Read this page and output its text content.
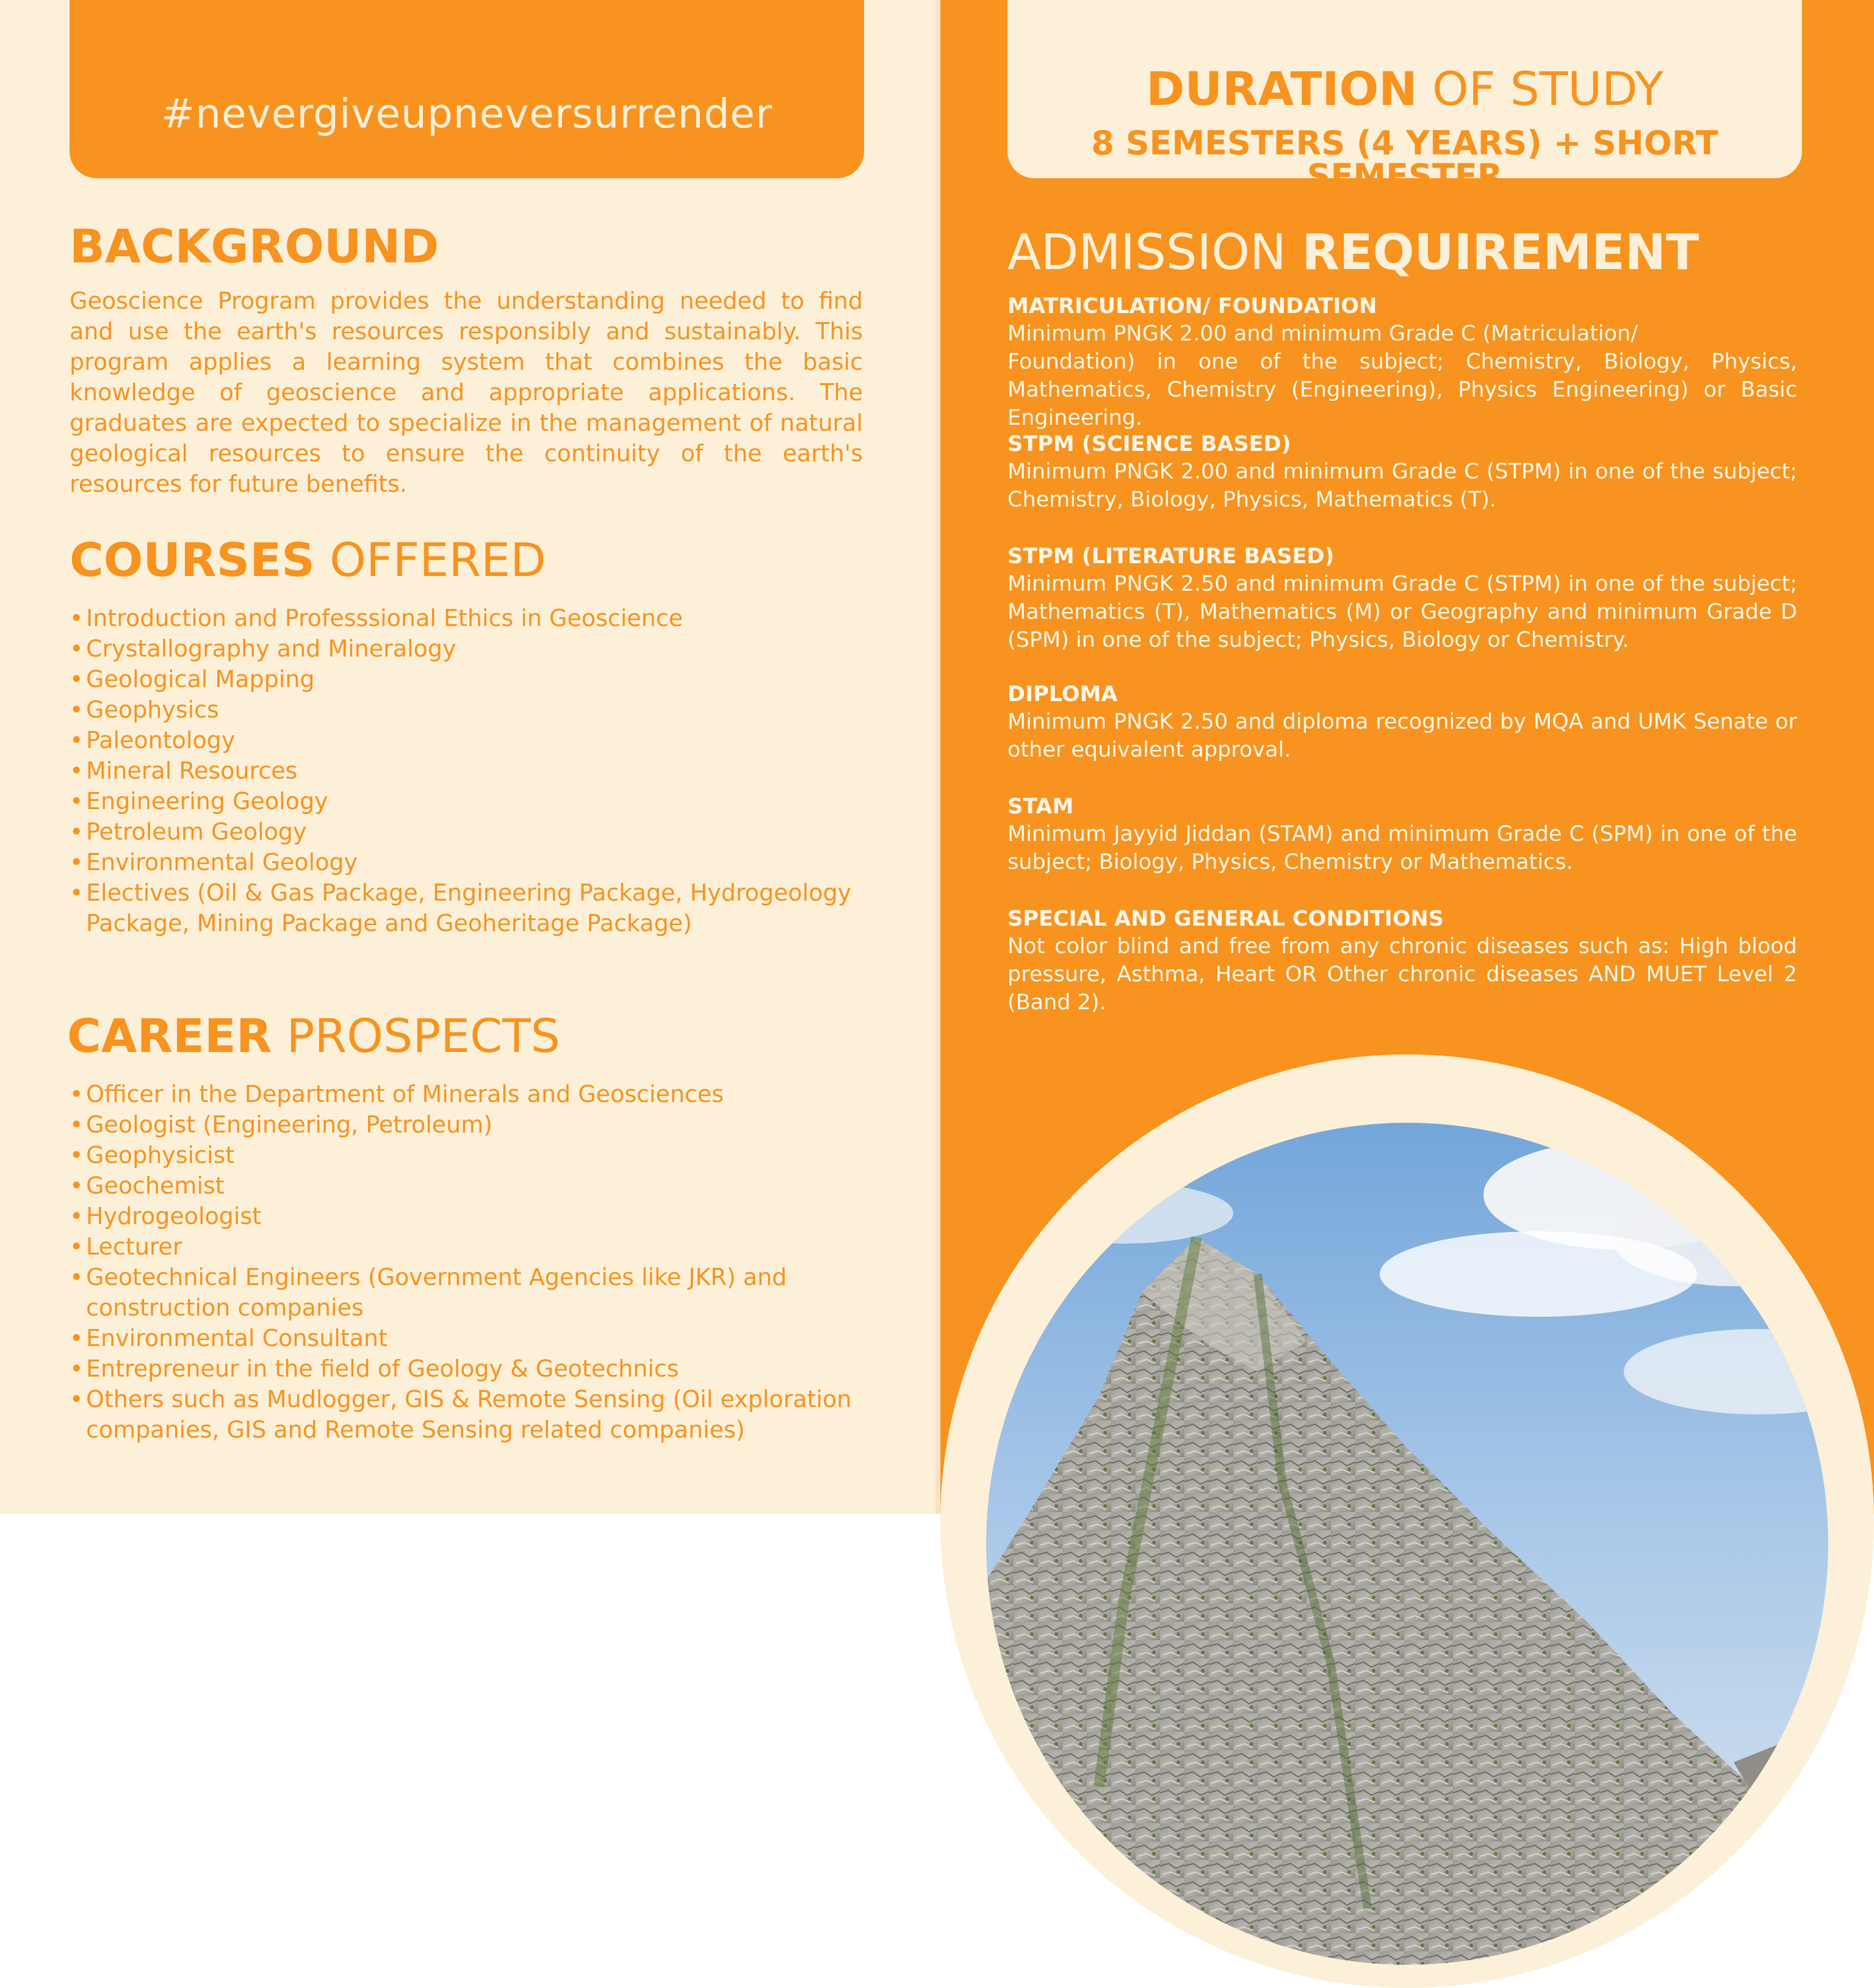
#nevergiveupneversurrender
BACKGROUND
Geoscience Program provides the understanding needed to find and use the earth's resources responsibly and sustainably. This program applies a learning system that combines the basic knowledge of geoscience and appropriate applications. The graduates are expected to specialize in the management of natural geological resources to ensure the continuity of the earth's resources for future benefits.
COURSES OFFERED
• Introduction and Professsional Ethics in Geoscience
• Crystallography and Mineralogy
• Geological Mapping
• Geophysics
• Paleontology
• Mineral Resources
• Engineering Geology
• Petroleum Geology
• Environmental Geology
• Electives (Oil & Gas Package, Engineering Package, Hydrogeology Package, Mining Package and Geoheritage Package)
CAREER PROSPECTS
• Officer in the Department of Minerals and Geosciences
• Geologist (Engineering, Petroleum)
• Geophysicist
• Geochemist
• Hydrogeologist
• Lecturer
• Geotechnical Engineers (Government Agencies like JKR) and construction companies
• Environmental Consultant
• Entrepreneur in the field of Geology & Geotechnics
• Others such as Mudlogger, GIS & Remote Sensing (Oil exploration companies, GIS and Remote Sensing related companies)
DURATION OF STUDY
8 SEMESTERS (4 YEARS) + SHORT SEMESTER
ADMISSION REQUIREMENT
MATRICULATION/ FOUNDATION
Minimum PNGK 2.00 and minimum Grade C (Matriculation/
Foundation) in one of the subject; Chemistry, Biology, Physics, Mathematics, Chemistry (Engineering), Physics Engineering) or Basic Engineering.
STPM (SCIENCE BASED)
Minimum PNGK 2.00 and minimum Grade C (STPM) in one of the subject; Chemistry, Biology, Physics, Mathematics (T).
STPM (LITERATURE BASED)
Minimum PNGK 2.50 and minimum Grade C (STPM) in one of the subject; Mathematics (T), Mathematics (M) or Geography and minimum Grade D (SPM) in one of the subject; Physics, Biology or Chemistry.
DIPLOMA
Minimum PNGK 2.50 and diploma recognized by MQA and UMK Senate or other equivalent approval.
STAM
Minimum Jayyid Jiddan (STAM) and minimum Grade C (SPM) in one of the subject; Biology, Physics, Chemistry or Mathematics.
SPECIAL AND GENERAL CONDITIONS
Not color blind and free from any chronic diseases such as: High blood pressure, Asthma, Heart OR Other chronic diseases AND MUET Level 2 (Band 2).
